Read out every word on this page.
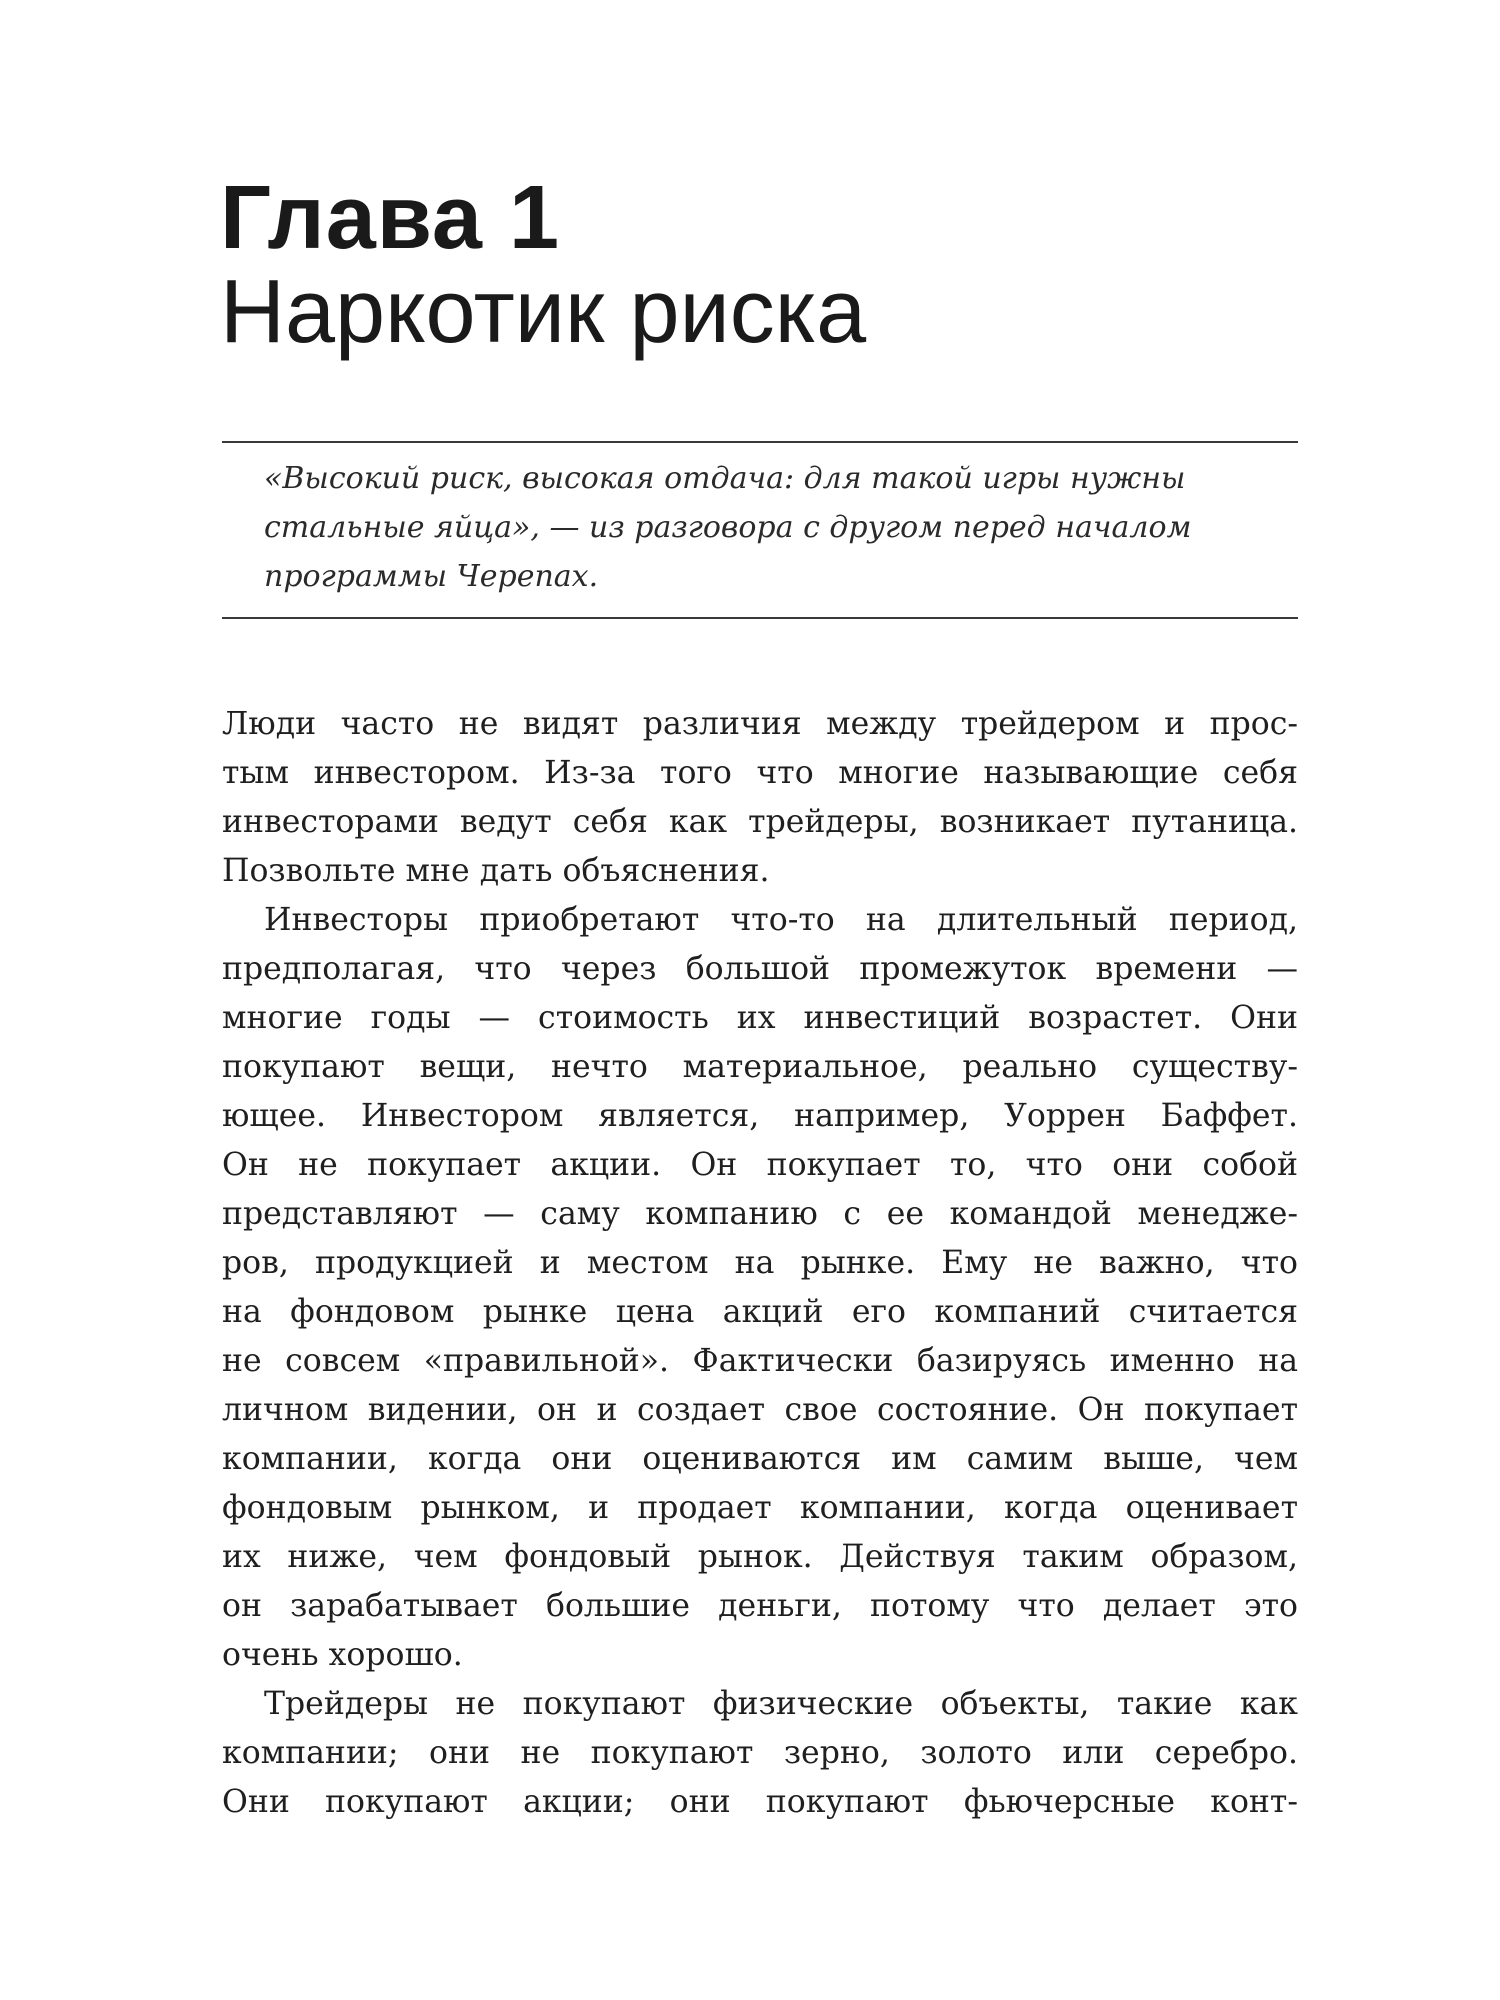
Глава 1
Наркотик риска
«Высокий риск, высокая отдача: для такой игры нужны
стальные яйца», — из разговора с другом перед началом
программы Черепах.
Люди часто не видят различия между трейдером и прос-
тым инвестором. Из-за того что многие называющие себя
инвесторами ведут себя как трейдеры, возникает путаница.
Позвольте мне дать объяснения.
Инвесторы приобретают что-то на длительный период,
предполагая, что через большой промежуток времени —
многие годы — стоимость их инвестиций возрастет. Они
покупают вещи, нечто материальное, реально существу-
ющее. Инвестором является, например, Уоррен Баффет.
Он не покупает акции. Он покупает то, что они собой
представляют — саму компанию с ее командой менедже-
ров, продукцией и местом на рынке. Ему не важно, что
на фондовом рынке цена акций его компаний считается
не совсем «правильной». Фактически базируясь именно на
личном видении, он и создает свое состояние. Он покупает
компании, когда они оцениваются им самим выше, чем
фондовым рынком, и продает компании, когда оценивает
их ниже, чем фондовый рынок. Действуя таким образом,
он зарабатывает большие деньги, потому что делает это
очень хорошо.
Трейдеры не покупают физические объекты, такие как
компании; они не покупают зерно, золото или серебро.
Они покупают акции; они покупают фьючерсные конт-
